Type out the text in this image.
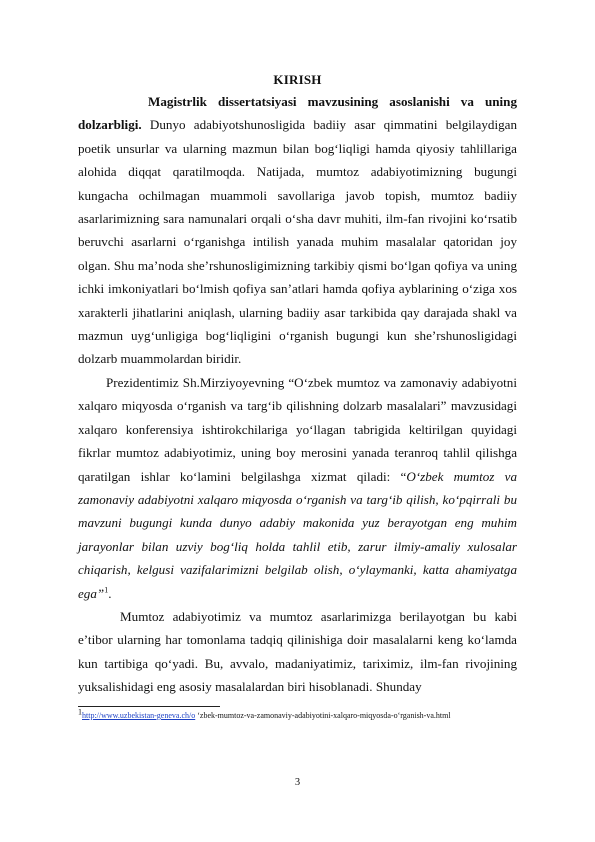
KIRISH

Magistrlik dissertatsiyasi mavzusining asoslanishi va uning dolzarbligi. Dunyo adabiyotshunosligida badiiy asar qimmatini belgilaydigan poetik unsurlar va ularning mazmun bilan bog‘liqligi hamda qiyosiy tahlillariga alohida diqqat qaratilmoqda. Natijada, mumtoz adabiyotimizning bugungi kungacha ochilmagan muammoli savollariga javob topish, mumtoz badiiy asarlarimizning sara namunalari orqali o‘sha davr muhiti, ilm-fan rivojini ko‘rsatib beruvchi asarlarni o‘rganishga intilish yanada muhim masalalar qatoridan joy olgan. Shu ma’noda she’rshunosligimizning tarkibiy qismi bo‘lgan qofiya va uning ichki imkoniyatlari bo‘lmish qofiya san’atlari hamda qofiya ayblarining o‘ziga xos xarakterli jihatlarini aniqlash, ularning badiiy asar tarkibida qay darajada shakl va mazmun uyg‘unligiga bog‘liqligini o‘rganish bugungi kun she’rshunosligidagi dolzarb muammolardan biridir.

Prezidentimiz Sh.Mirziyoyevning “O‘zbek mumtoz va zamonaviy adabiyotni xalqaro miqyosda o‘rganish va targ‘ib qilishning dolzarb masalalari” mavzusidagi xalqaro konferensiya ishtirokchilariga yo‘llagan tabrigida keltirilgan quyidagi fikrlar mumtoz adabiyotimiz, uning boy merosini yanada teranroq tahlil qilishga qaratilgan ishlar ko‘lamini belgilashga xizmat qiladi: “O‘zbek mumtoz va zamonaviy adabiyotni xalqaro miqyosda o‘rganish va targ‘ib qilish, ko‘pqirrali bu mavzuni bugungi kunda dunyo adabiy makonida yuz berayotgan eng muhim jarayonlar bilan uzviy bog‘liq holda tahlil etib, zarur ilmiy-amaliy xulosalar chiqarish, kelgusi vazifalarimizni belgilab olish, o‘ylaymanki, katta ahamiyatga ega”$^1$.

Mumtoz adabiyotimiz va mumtoz asarlarimizga berilayotgan bu kabi e’tibor ularning har tomonlama tadqiq qilinishiga doir masalalarni keng ko‘lamda kun tartibiga qo‘yadi. Bu, avvalo, madaniyatimiz, tariximiz, ilm-fan rivojining yuksalishidagi eng asosiy masalalardan biri hisoblanadi. Shunday

$^1$http://www.uzbekistan-geneva.ch/o ‘zbek-mumtoz-va-zamonaviy-adabiyotini-xalqaro-miqyosda-o‘rganish-va.html
3
